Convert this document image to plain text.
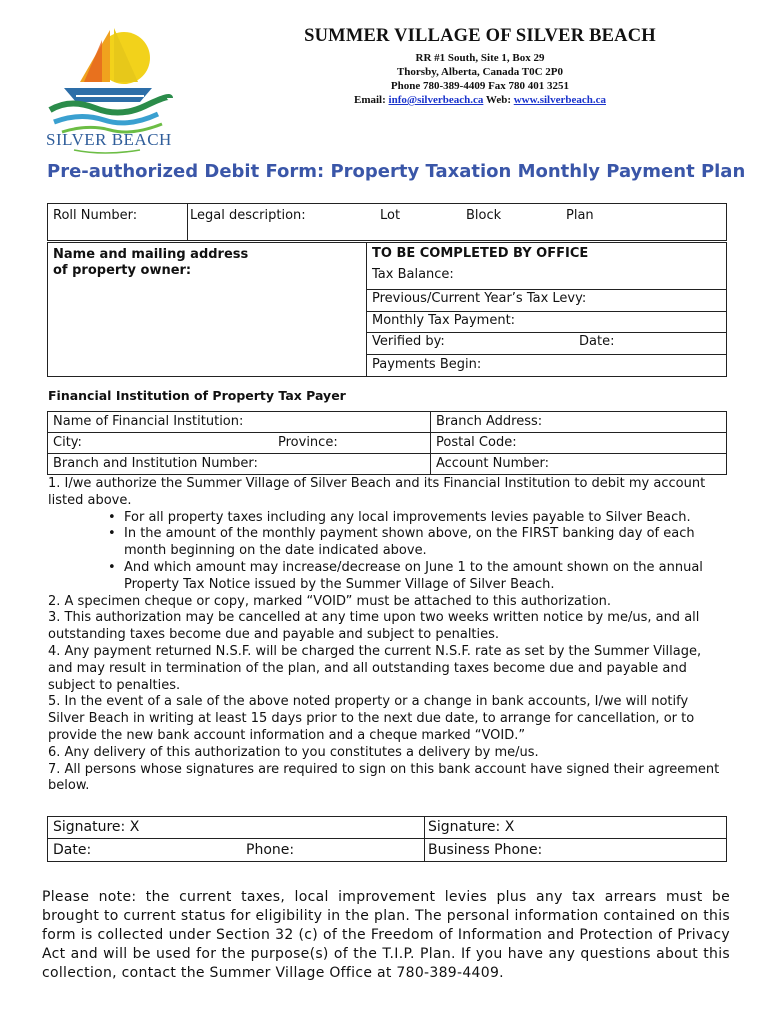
SILVER BEACH
SUMMER VILLAGE OF SILVER BEACH
RR #1 South, Site 1, Box 29
Thorsby, Alberta, Canada T0C 2P0
Phone 780-389-4409 Fax 780 401 3251
Email: info@silverbeach.ca Web: www.silverbeach.ca
Pre-authorized Debit Form: Property Taxation Monthly Payment Plan
Roll Number:	Legal description:	Lot	Block	Plan
Name and mailing address
of property owner:
TO BE COMPLETED BY OFFICE
Tax Balance:
Previous/Current Year’s Tax Levy:
Monthly Tax Payment:
Verified by:	Date:
Payments Begin:
Financial Institution of Property Tax Payer
Name of Financial Institution:	Branch Address:
City:	Province:	Postal Code:
Branch and Institution Number:	Account Number:

1. I/we authorize the Summer Village of Silver Beach and its Financial Institution to debit my account listed above.

• For all property taxes including any local improvements levies payable to Silver Beach.

• In the amount of the monthly payment shown above, on the FIRST banking day of each month beginning on the date indicated above.

• And which amount may increase/decrease on June 1 to the amount shown on the annual Property Tax Notice issued by the Summer Village of Silver Beach.

2. A specimen cheque or copy, marked “VOID” must be attached to this authorization.

3. This authorization may be cancelled at any time upon two weeks written notice by me/us, and all outstanding taxes become due and payable and subject to penalties.

4. Any payment returned N.S.F. will be charged the current N.S.F. rate as set by the Summer Village, and may result in termination of the plan, and all outstanding taxes become due and payable and subject to penalties.

5. In the event of a sale of the above noted property or a change in bank accounts, I/we will notify Silver Beach in writing at least 15 days prior to the next due date, to arrange for cancellation, or to provide the new bank account information and a cheque marked “VOID.”

6. Any delivery of this authorization to you constitutes a delivery by me/us.

7. All persons whose signatures are required to sign on this bank account have signed their agreement below.

Signature: X	Signature: X
Date:	Phone:	Business Phone:
Please note: the current taxes, local improvement levies plus any tax arrears must be brought to current status for eligibility in the plan. The personal information contained on this form is collected under Section 32 (c) of the Freedom of Information and Protection of Privacy Act and will be used for the purpose(s) of the T.I.P. Plan. If you have any questions about this collection, contact the Summer Village Office at 780-389-4409.
